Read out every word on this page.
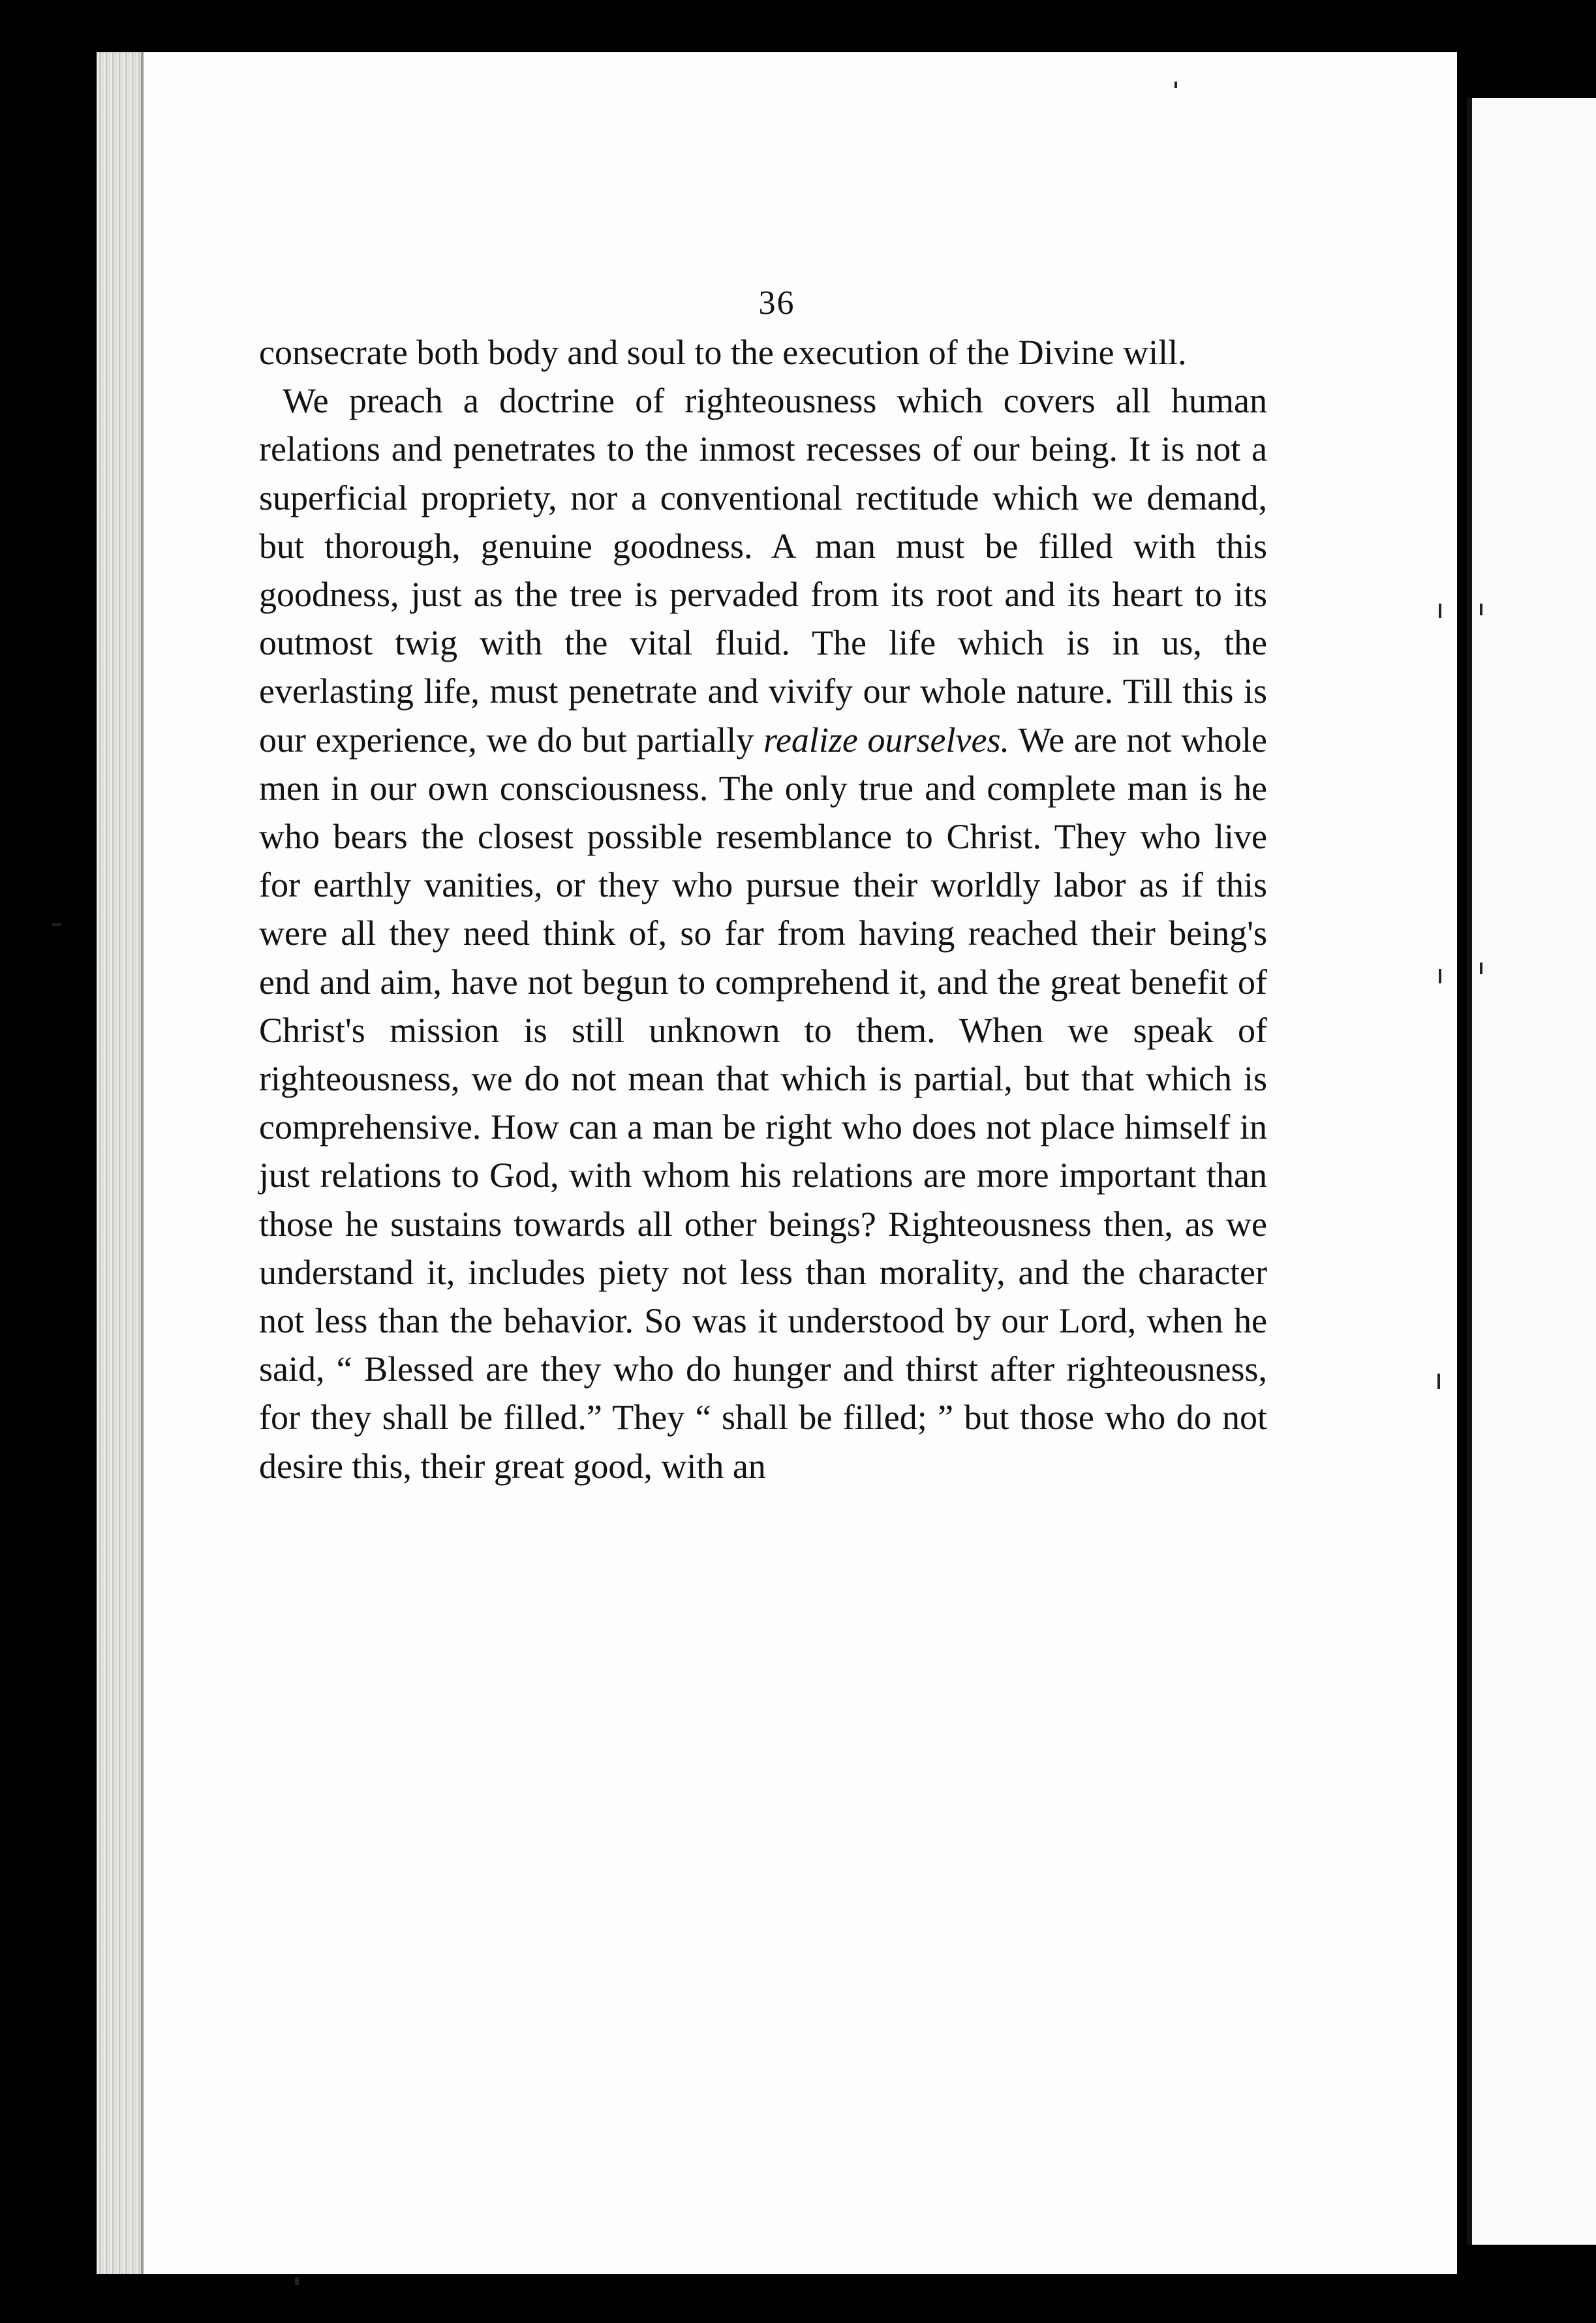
36

consecrate both body and soul to the execution of the Divine will.

We preach a doctrine of righteousness which covers all human relations and penetrates to the inmost recesses of our being. It is not a superficial propriety, nor a conventional rectitude which we demand, but thorough, genuine goodness. A man must be filled with this goodness, just as the tree is pervaded from its root and its heart to its outmost twig with the vital fluid. The life which is in us, the everlasting life, must penetrate and vivify our whole nature. Till this is our experience, we do but partially realize ourselves. We are not whole men in our own consciousness. The only true and complete man is he who bears the closest possible resemblance to Christ. They who live for earthly vanities, or they who pursue their worldly labor as if this were all they need think of, so far from having reached their being's end and aim, have not begun to comprehend it, and the great benefit of Christ's mission is still unknown to them. When we speak of righteousness, we do not mean that which is partial, but that which is comprehensive. How can a man be right who does not place himself in just relations to God, with whom his relations are more important than those he sustains towards all other beings? Righteousness then, as we understand it, includes piety not less than morality, and the character not less than the behavior. So was it understood by our Lord, when he said, “ Blessed are they who do hunger and thirst after righteousness, for they shall be filled.” They “ shall be filled; ” but those who do not desire this, their great good, with an
